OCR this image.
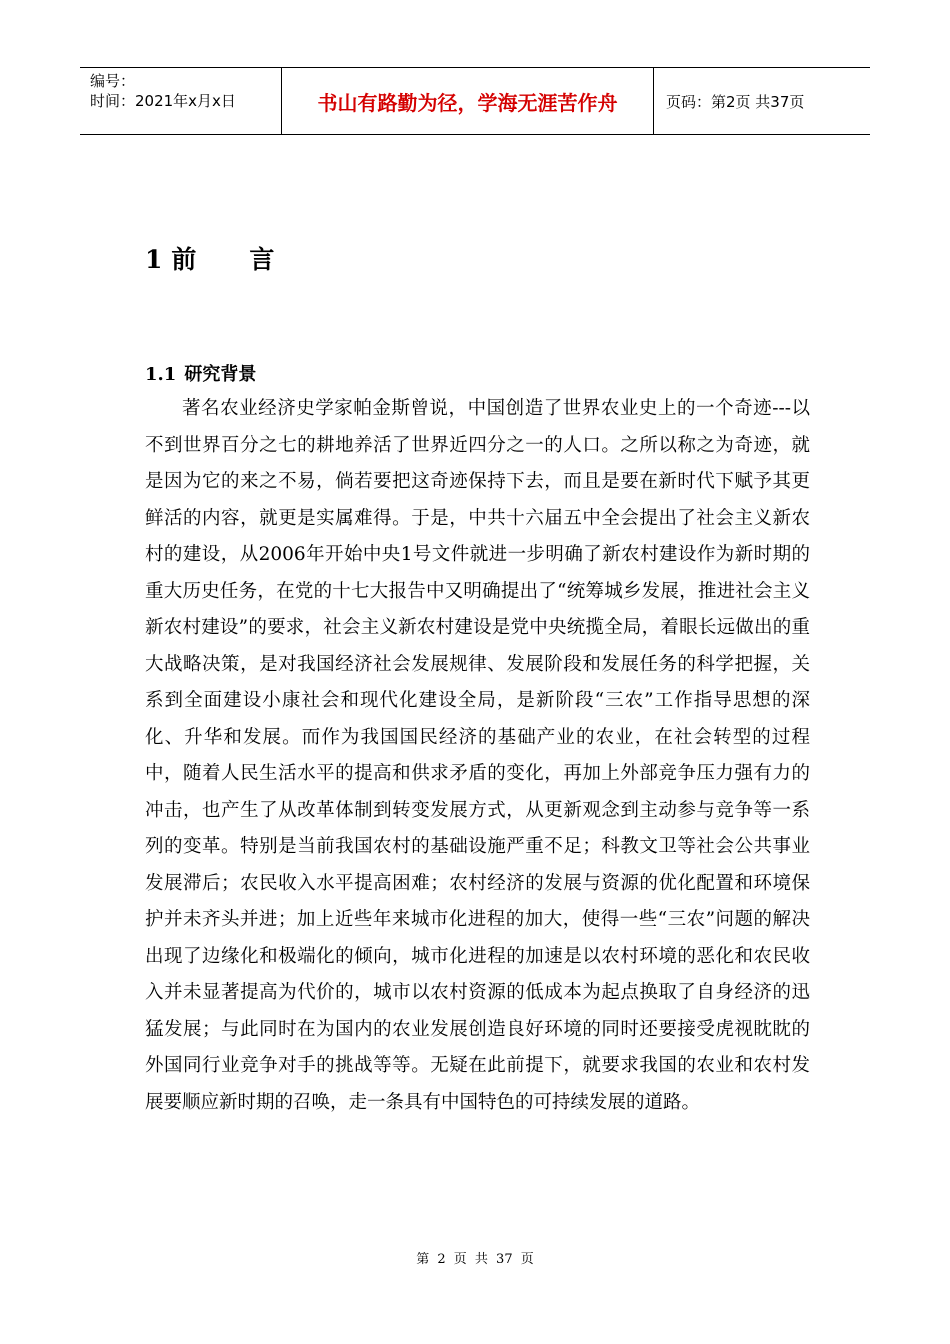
编号：
时间：2021年x月x日	书山有路勤为径，学海无涯苦作舟	页码：第2页 共37页
1 前 言
1.1 研究背景

著名农业经济史学家帕金斯曾说，中国创造了世界农业史上的一个奇迹---以不到世界百分之七的耕地养活了世界近四分之一的人口。之所以称之为奇迹，就是因为它的来之不易，倘若要把这奇迹保持下去，而且是要在新时代下赋予其更鲜活的内容，就更是实属难得。于是，中共十六届五中全会提出了社会主义新农村的建设，从2006年开始中央1号文件就进一步明确了新农村建设作为新时期的重大历史任务，在党的十七大报告中又明确提出了“统筹城乡发展，推进社会主义新农村建设”的要求，社会主义新农村建设是党中央统揽全局，着眼长远做出的重大战略决策，是对我国经济社会发展规律、发展阶段和发展任务的科学把握，关系到全面建设小康社会和现代化建设全局，是新阶段“三农”工作指导思想的深化、升华和发展。而作为我国国民经济的基础产业的农业，在社会转型的过程中，随着人民生活水平的提高和供求矛盾的变化，再加上外部竞争压力强有力的冲击，也产生了从改革体制到转变发展方式，从更新观念到主动参与竞争等一系列的变革。特别是当前我国农村的基础设施严重不足；科教文卫等社会公共事业发展滞后；农民收入水平提高困难；农村经济的发展与资源的优化配置和环境保护并未齐头并进；加上近些年来城市化进程的加大，使得一些“三农”问题的解决出现了边缘化和极端化的倾向，城市化进程的加速是以农村环境的恶化和农民收入并未显著提高为代价的，城市以农村资源的低成本为起点换取了自身经济的迅猛发展；与此同时在为国内的农业发展创造良好环境的同时还要接受虎视眈眈的外国同行业竞争对手的挑战等等。无疑在此前提下，就要求我国的农业和农村发展要顺应新时期的召唤，走一条具有中国特色的可持续发展的道路。

第 2 页 共 37 页
